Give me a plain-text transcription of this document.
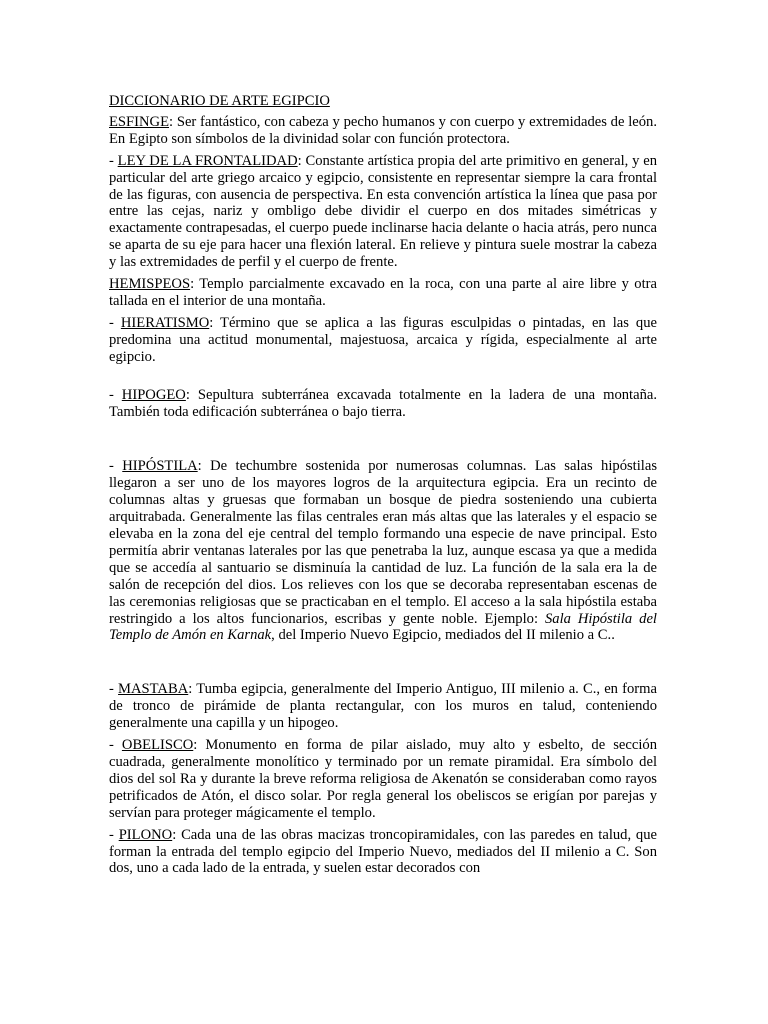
DICCIONARIO DE ARTE EGIPCIO

ESFINGE: Ser fantástico, con cabeza y pecho humanos y con cuerpo y extremidades de león. En Egipto son símbolos de la divinidad solar con función protectora.

- LEY DE LA FRONTALIDAD: Constante artística propia del arte primitivo en general, y en particular del arte griego arcaico y egipcio, consistente en representar siempre la cara frontal de las figuras, con ausencia de perspectiva. En esta convención artística la línea que pasa por entre las cejas, nariz y ombligo debe dividir el cuerpo en dos mitades simétricas y exactamente contrapesadas, el cuerpo puede inclinarse hacia delante o hacia atrás, pero nunca se aparta de su eje para hacer una flexión lateral. En relieve y pintura suele mostrar la cabeza y las extremidades de perfil y el cuerpo de frente.

HEMISPEOS: Templo parcialmente excavado en la roca, con una parte al aire libre y otra tallada en el interior de una montaña.

- HIERATISMO: Término que se aplica a las figuras esculpidas o pintadas, en las que predomina una actitud monumental, majestuosa, arcaica y rígida, especialmente al arte egipcio.

- HIPOGEO: Sepultura subterránea excavada totalmente en la ladera de una montaña. También toda edificación subterránea o bajo tierra.

- HIPÓSTILA: De techumbre sostenida por numerosas columnas. Las salas hipóstilas llegaron a ser uno de los mayores logros de la arquitectura egipcia. Era un recinto de columnas altas y gruesas que formaban un bosque de piedra sosteniendo una cubierta arquitrabada. Generalmente las filas centrales eran más altas que las laterales y el espacio se elevaba en la zona del eje central del templo formando una especie de nave principal. Esto permitía abrir ventanas laterales por las que penetraba la luz, aunque escasa ya que a medida que se accedía al santuario se disminuía la cantidad de luz. La función de la sala era la de salón de recepción del dios. Los relieves con los que se decoraba representaban escenas de las ceremonias religiosas que se practicaban en el templo. El acceso a la sala hipóstila estaba restringido a los altos funcionarios, escribas y gente noble. Ejemplo: Sala Hipóstila del Templo de Amón en Karnak, del Imperio Nuevo Egipcio, mediados del II milenio a C..

- MASTABA: Tumba egipcia, generalmente del Imperio Antiguo, III milenio a. C., en forma de tronco de pirámide de planta rectangular, con los muros en talud, conteniendo generalmente una capilla y un hipogeo.

- OBELISCO: Monumento en forma de pilar aislado, muy alto y esbelto, de sección cuadrada, generalmente monolítico y terminado por un remate piramidal. Era símbolo del dios del sol Ra y durante la breve reforma religiosa de Akenatón se consideraban como rayos petrificados de Atón, el disco solar. Por regla general los obeliscos se erigían por parejas y servían para proteger mágicamente el templo.

- PILONO: Cada una de las obras macizas troncopiramidales, con las paredes en talud, que forman la entrada del templo egipcio del Imperio Nuevo, mediados del II milenio a C. Son dos, uno a cada lado de la entrada, y suelen estar decorados con
